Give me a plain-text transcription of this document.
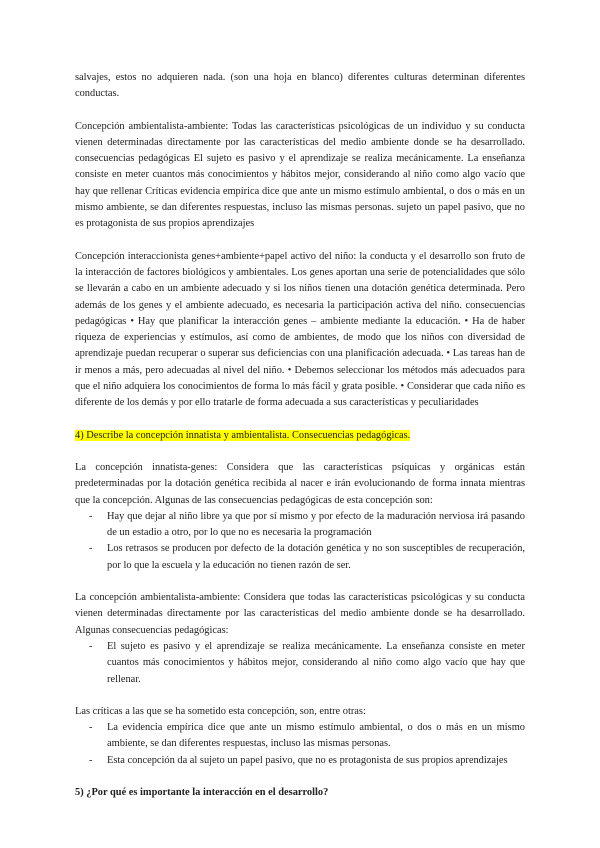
salvajes, estos no adquieren nada. (son una hoja en blanco) diferentes culturas determinan diferentes conductas.

Concepción ambientalista-ambiente: Todas las características psicológicas de un individuo y su conducta vienen determinadas directamente por las características del medio ambiente donde se ha desarrollado. consecuencias pedagógicas El sujeto es pasivo y el aprendizaje se realiza mecánicamente. La enseñanza consiste en meter cuantos más conocimientos y hábitos mejor, considerando al niño como algo vacío que hay que rellenar Críticas evidencia empírica dice que ante un mismo estímulo ambiental, o dos o más en un mismo ambiente, se dan diferentes respuestas, incluso las mismas personas. sujeto un papel pasivo, que no es protagonista de sus propios aprendizajes

Concepción interaccionista genes+ambiente+papel activo del niño: la conducta y el desarrollo son fruto de la interacción de factores biológicos y ambientales. Los genes aportan una serie de potencialidades que sólo se llevarán a cabo en un ambiente adecuado y si los niños tienen una dotación genética determinada. Pero además de los genes y el ambiente adecuado, es necesaria la participación activa del niño. consecuencias pedagógicas • Hay que planificar la interacción genes – ambiente mediante la educación. • Ha de haber riqueza de experiencias y estímulos, así como de ambientes, de modo que los niños con diversidad de aprendizaje puedan recuperar o superar sus deficiencias con una planificación adecuada. • Las tareas han de ir menos a más, pero adecuadas al nivel del niño. • Debemos seleccionar los métodos más adecuados para que el niño adquiera los conocimientos de forma lo más fácil y grata posible. • Considerar que cada niño es diferente de los demás y por ello tratarle de forma adecuada a sus características y peculiaridades

4) Describe la concepción innatista y ambientalista. Consecuencias pedagógicas.

La concepción innatista-genes: Considera que las características psíquicas y orgánicas están predeterminadas por la dotación genética recibida al nacer e irán evolucionando de forma innata mientras que la concepción. Algunas de las consecuencias pedagógicas de esta concepción son:

- Hay que dejar al niño libre ya que por sí mismo y por efecto de la maduración nerviosa irá pasando de un estadio a otro, por lo que no es necesaria la programación
- Los retrasos se producen por defecto de la dotación genética y no son susceptibles de recuperación, por lo que la escuela y la educación no tienen razón de ser.

La concepción ambientalista-ambiente: Considera que todas las características psicológicas y su conducta vienen determinadas directamente por las características del medio ambiente donde se ha desarrollado. Algunas consecuencias pedagógicas:

- El sujeto es pasivo y el aprendizaje se realiza mecánicamente. La enseñanza consiste en meter cuantos más conocimientos y hábitos mejor, considerando al niño como algo vacío que hay que rellenar.

Las críticas a las que se ha sometido esta concepción, son, entre otras:

- La evidencia empírica dice que ante un mismo estímulo ambiental, o dos o más en un mismo ambiente, se dan diferentes respuestas, incluso las mismas personas.
- Esta concepción da al sujeto un papel pasivo, que no es protagonista de sus propios aprendizajes

5) ¿Por qué es importante la interacción en el desarrollo?
